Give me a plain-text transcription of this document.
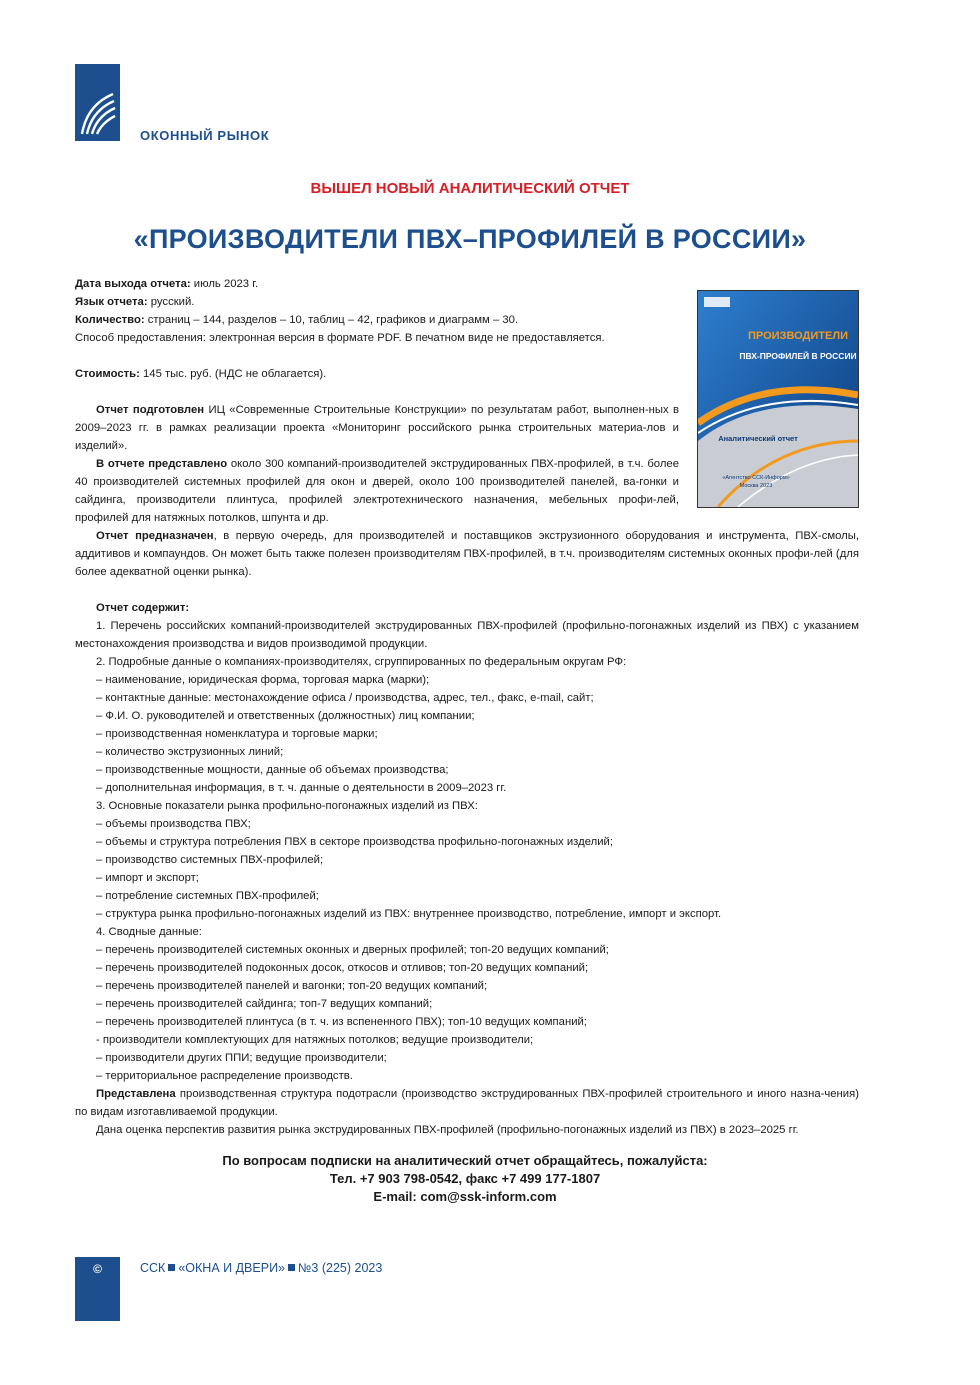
ОКОННЫЙ РЫНОК
ВЫШЕЛ НОВЫЙ АНАЛИТИЧЕСКИЙ ОТЧЕТ
«ПРОИЗВОДИТЕЛИ ПВХ–ПРОФИЛЕЙ В РОССИИ»

Дата выхода отчета: июль 2023 г.

Язык отчета: русский.

Количество: страниц – 144, разделов – 10, таблиц – 42, графиков и диаграмм – 30.

Способ предоставления: электронная версия в формате PDF. В печатном виде не предоставляется.

Стоимость: 145 тыс. руб. (НДС не облагается).

ПРОИЗВОДИТЕЛИ
ПВХ-ПРОФИЛЕЙ В РОССИИ
Аналитический отчет
«Агентство ССК-Информ»
Москва 2023

Отчет подготовлен ИЦ «Современные Строительные Конструкции» по результатам работ, выполнен-ных в 2009–2023 гг. в рамках реализации проекта «Мониторинг российского рынка строительных материа-лов и изделий».

В отчете представлено около 300 компаний-производителей экструдированных ПВХ-профилей, в т.ч. более 40 производителей системных профилей для окон и дверей, около 100 производителей панелей, ва-гонки и сайдинга, производители плинтуса, профилей электротехнического назначения, мебельных профи-лей, профилей для натяжных потолков, шпунта и др.

Отчет предназначен, в первую очередь, для производителей и поставщиков экструзионного оборудования и инструмента, ПВХ-смолы, аддитивов и компаундов. Он может быть также полезен производителям ПВХ-профилей, в т.ч. производителям системных оконных профи-лей (для более адекватной оценки рынка).

Отчет содержит:

1. Перечень российских компаний-производителей экструдированных ПВХ-профилей (профильно-погонажных изделий из ПВХ) с указанием местонахождения производства и видов производимой продукции.

2. Подробные данные о компаниях-производителях, сгруппированных по федеральным округам РФ:

– наименование, юридическая форма, торговая марка (марки);

– контактные данные: местонахождение офиса / производства, адрес, тел., факс, e-mail, сайт;

– Ф.И. О. руководителей и ответственных (должностных) лиц компании;

– производственная номенклатура и торговые марки;

– количество экструзионных линий;

– производственные мощности, данные об объемах производства;

– дополнительная информация, в т. ч. данные о деятельности в 2009–2023 гг.

3. Основные показатели рынка профильно-погонажных изделий из ПВХ:

– объемы производства ПВХ;

– объемы и структура потребления ПВХ в секторе производства профильно-погонажных изделий;

– производство системных ПВХ-профилей;

– импорт и экспорт;

– потребление системных ПВХ-профилей;

– структура рынка профильно-погонажных изделий из ПВХ: внутреннее производство, потребление, импорт и экспорт.

4. Сводные данные:

– перечень производителей системных оконных и дверных профилей; топ-20 ведущих компаний;

– перечень производителей подоконных досок, откосов и отливов; топ-20 ведущих компаний;

– перечень производителей панелей и вагонки; топ-20 ведущих компаний;

– перечень производителей сайдинга; топ-7 ведущих компаний;

– перечень производителей плинтуса (в т. ч. из вспененного ПВХ); топ-10 ведущих компаний;

- производители комплектующих для натяжных потолков; ведущие производители;

– производители других ППИ; ведущие производители;

– территориальное распределение производств.

Представлена производственная структура подотрасли (производство экструдированных ПВХ-профилей строительного и иного назна-чения) по видам изготавливаемой продукции.

Дана оценка перспектив развития рынка экструдированных ПВХ-профилей (профильно-погонажных изделий из ПВХ) в 2023–2025 гг.

По вопросам подписки на аналитический отчет обращайтесь, пожалуйста:

Тел. +7 903 798-0542, факс +7 499 177-1807

E-mail: com@ssk-inform.com

©	ССК «ОКНА И ДВЕРИ» №3 (225) 2023
